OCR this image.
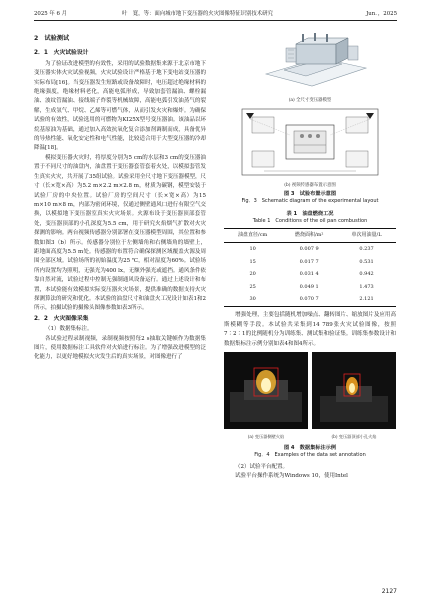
2025 年 6 月	叶　寛，等：面向城市地下变压器的火灾图像特征识别技术研究	Jun．，2025
2　试验测试
2．1　火灾试验设计

为了验证改进模型的有效性，采用的试验数据集来源于北京市地下变压器实体火灾试验视频，火灾试验设计严格基于地下变电站变压器的实际布局[16]。当变压器发生短路或设备故障时，电压超过绝缘材料的绝缘强度，绝缘材料老化，高能电弧形成，导致加套管漏油、螺栓漏油、波纹管漏油、接线端子炸裂等机械故障，高能电弧引发油蒸气的裂解，生成氢气、甲烷、乙烯等可燃气体，从而引发火灾和爆炸。为确保试验的有效性，试验选用的可燃物为KI25X型号变压器油。该油品以环烷基原油为基础，通过加入高效抗氧化复合添加剂调制而成，具备优异的导热性能、氧化安定性和电气性能，比较适合用于大型变压器的冷却降温[18]。

模拟变压器火灾时，将厚度分别为5 cm的水层和3 cm的变压器油置于不同尺寸的油盘内，油盘置于变压器套管套着火处，以模拟套管发生真实火灾，共开展了35组试验。试验采用全尺寸地下变压器模型，尺寸（长×宽×高）为5.2 m×2.2 m×2.8 m，材质为碳钢，模型安装于试验厂房的中央位置。试验厂房的空间尺寸（长×宽×高）为15 m×10 m×8 m，内部为密闭环境，仅通过侧壁通风口进行有限空气交换，以模拟地下变压器室真实火灾场景。火源布设于变压器顶部套管处，变压器顶部的小孔深度为5.5 cm，用于研究火焰烟气扩散对火灾探测的影响。两台视频传感器分别部署在变压器模型周围，其位置和参数如图3（b）所示。传感器分别位于左侧墙角和右侧墙角的墙壁上，距地面高度为5.5 m处。传感器的布置符合确保探测区域覆盖火源及周围全部区域。试验场所的初始温度为25 ℃，相对湿度为60%。试验场所内设置均为照明，无强光为400 lx，无额外强光或遮挡。通风条件依靠自然对流，试验过程中控制无强制通风设备运行。通过上述设计和布置，本试验能有效模拟实际变压器火灾场景，提供准确的数据支持火灾探测算法的研究和优化。本试验的油盘尺寸和油盘火工况设计如表1和2所示，拍摄试验的摄像头图像参数如表3所示。

2．2　火灾图像采集
（1）数据集标注。

各试验过程录制视频，录制视频按照每2 s抽取关键帧作为数据集图片，使用数据标注工具软件对火焰进行标注。为了增强改进模型的泛化能力，以更好地模拟火灾发生后的真实场景，对图像进行了

(a) 全尺寸变压器模型
(b) 视频传感器布置示意图
图 3　试验布置示意图
Fig．3　Schematic diagram of the experimental layout
表 1　油盘燃烧工况
Table 1　Conditions of the oil pan combustion
油盘直径/cm	燃烧面积/m²	单次用油量/L
10	0.007 9	0.237
15	0.017 7	0.531
20	0.031 4	0.942
25	0.049 1	1.473
30	0.070 7	2.121

增强处理，主要包括随机增加噪点、翻转图片、缩放图片及应用高斯模糊等手段。本试验共采集到14 789张火灾试验图像，按照7∶2∶1的比例随机分为训练集、测试集和验证集。训练集参数设计和数据集标注示例分别如表4和图4所示。

(a) 变压器侧壁火焰	(b) 变压器顶部小孔火焰
图 4　数据集标注示例
Fig．4　Examples of the data set annotation
（2）试验平台配置。

试验平台操作系统为Windows 10，使用Intel

2127
